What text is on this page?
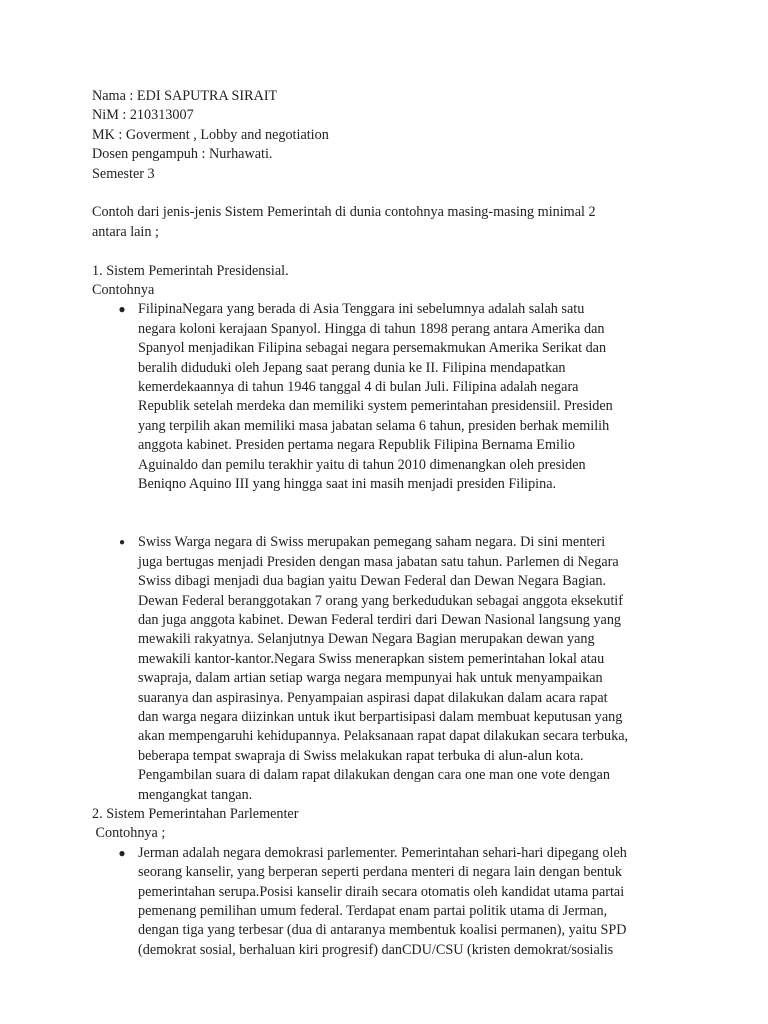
Nama : EDI SAPUTRA SIRAIT
NiM : 210313007
MK : Goverment , Lobby and negotiation
Dosen pengampuh : Nurhawati.
Semester 3
Contoh dari jenis-jenis Sistem Pemerintah di dunia contohnya masing-masing minimal 2
antara lain ;
1. Sistem Pemerintah Presidensial.
Contohnya
● FilipinaNegara yang berada di Asia Tenggara ini sebelumnya adalah salah satu
negara koloni kerajaan Spanyol. Hingga di tahun 1898 perang antara Amerika dan
Spanyol menjadikan Filipina sebagai negara persemakmukan Amerika Serikat dan
beralih diduduki oleh Jepang saat perang dunia ke II. Filipina mendapatkan
kemerdekaannya di tahun 1946 tanggal 4 di bulan Juli. Filipina adalah negara
Republik setelah merdeka dan memiliki system pemerintahan presidensiil. Presiden
yang terpilih akan memiliki masa jabatan selama 6 tahun, presiden berhak memilih
anggota kabinet. Presiden pertama negara Republik Filipina Bernama Emilio
Aguinaldo dan pemilu terakhir yaitu di tahun 2010 dimenangkan oleh presiden
Beniqno Aquino III yang hingga saat ini masih menjadi presiden Filipina.
● Swiss Warga negara di Swiss merupakan pemegang saham negara. Di sini menteri
juga bertugas menjadi Presiden dengan masa jabatan satu tahun. Parlemen di Negara
Swiss dibagi menjadi dua bagian yaitu Dewan Federal dan Dewan Negara Bagian.
Dewan Federal beranggotakan 7 orang yang berkedudukan sebagai anggota eksekutif
dan juga anggota kabinet. Dewan Federal terdiri dari Dewan Nasional langsung yang
mewakili rakyatnya. Selanjutnya Dewan Negara Bagian merupakan dewan yang
mewakili kantor-kantor.Negara Swiss menerapkan sistem pemerintahan lokal atau
swapraja, dalam artian setiap warga negara mempunyai hak untuk menyampaikan
suaranya dan aspirasinya. Penyampaian aspirasi dapat dilakukan dalam acara rapat
dan warga negara diizinkan untuk ikut berpartisipasi dalam membuat keputusan yang
akan mempengaruhi kehidupannya. Pelaksanaan rapat dapat dilakukan secara terbuka,
beberapa tempat swapraja di Swiss melakukan rapat terbuka di alun-alun kota.
Pengambilan suara di dalam rapat dilakukan dengan cara one man one vote dengan
mengangkat tangan.
2. Sistem Pemerintahan Parlementer
Contohnya ;
● Jerman adalah negara demokrasi parlementer. Pemerintahan sehari-hari dipegang oleh
seorang kanselir, yang berperan seperti perdana menteri di negara lain dengan bentuk
pemerintahan serupa.Posisi kanselir diraih secara otomatis oleh kandidat utama partai
pemenang pemilihan umum federal. Terdapat enam partai politik utama di Jerman,
dengan tiga yang terbesar (dua di antaranya membentuk koalisi permanen), yaitu SPD
(demokrat sosial, berhaluan kiri progresif) danCDU/CSU (kristen demokrat/sosialis
